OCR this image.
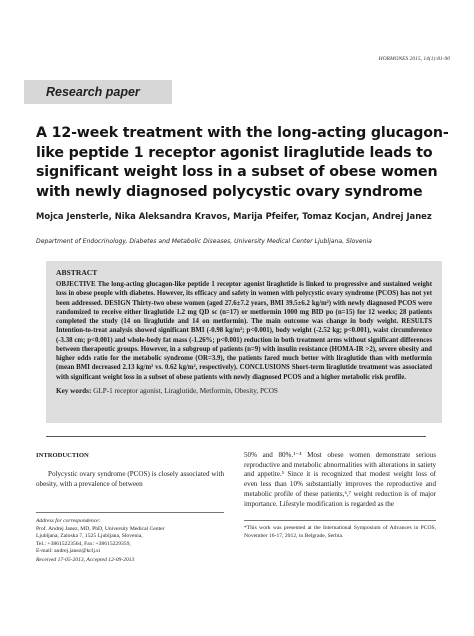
HORMONES 2015, 14(1):81-90
Research paper
A 12-week treatment with the long-acting glucagon-like peptide 1 receptor agonist liraglutide leads to significant weight loss in a subset of obese women with newly diagnosed polycystic ovary syndrome
Mojca Jensterle, Nika Aleksandra Kravos, Marija Pfeifer, Tomaz Kocjan, Andrej Janez
Department of Endocrinology, Diabetes and Metabolic Diseases, University Medical Center Ljubljana, Slovenia
ABSTRACT
OBJECTIVE The long-acting glucagon-like peptide 1 receptor agonist liraglutide is linked to progressive and sustained weight loss in obese people with diabetes. However, its efficacy and safety in women with polycystic ovary syndrome (PCOS) has not yet been addressed. DESIGN Thirty-two obese women (aged 27.6±7.2 years, BMI 39.5±6.2 kg/m²) with newly diagnosed PCOS were randomized to receive either liraglutide 1.2 mg QD sc (n=17) or metformin 1000 mg BID po (n=15) for 12 weeks; 28 patients completed the study (14 on liraglutide and 14 on metformin). The main outcome was change in body weight. RESULTS Intention-to-treat analysis showed significant BMI (-0.98 kg/m²; p<0.001), body weight (-2.52 kg; p<0.001), waist circumference (-3.38 cm; p<0.001) and whole-body fat mass (-1.26%; p<0.001) reduction in both treatment arms without significant differences between therapeutic groups. However, in a subgroup of patients (n=9) with insulin resistance (HOMA-IR >2), severe obesity and higher odds ratio for the metabolic syndrome (OR=3.9), the patients fared much better with liraglutide than with metformin (mean BMI decreased 2.13 kg/m² vs. 0.62 kg/m², respectively). CONCLUSIONS Short-term liraglutide treatment was associated with significant weight loss in a subset of obese patients with newly diagnosed PCOS and a higher metabolic risk profile.
Key words: GLP-1 receptor agonist, Liraglutide, Metformin, Obesity, PCOS
INTRODUCTION

Polycystic ovary syndrome (PCOS) is closely associated with obesity, with a prevalence of between

Address for correspondence:
Prof. Andrej Janez, MD, PhD, University Medical Center
Ljubljana, Zaloska 7, 1525 Ljubljana, Slovenia,
Tel.: +38615223564, Fax: +38615229359,
E-mail: andrej.janez@kclj.si
Received 17-05-2013, Accepted 12-09-2013

50% and 80%.¹⁻⁴ Most obese women demonstrate serious reproductive and metabolic abnormalities with alterations in satiety and appetite.⁵ Since it is recognized that modest weight loss of even less than 10% substantially improves the reproductive and metabolic profile of these patients,⁶,⁷ weight reduction is of major importance. Lifestyle modification is regarded as the

*This work was presented at the International Symposium of Advances in PCOS, November 16-17, 2012, in Belgrade, Serbia.
